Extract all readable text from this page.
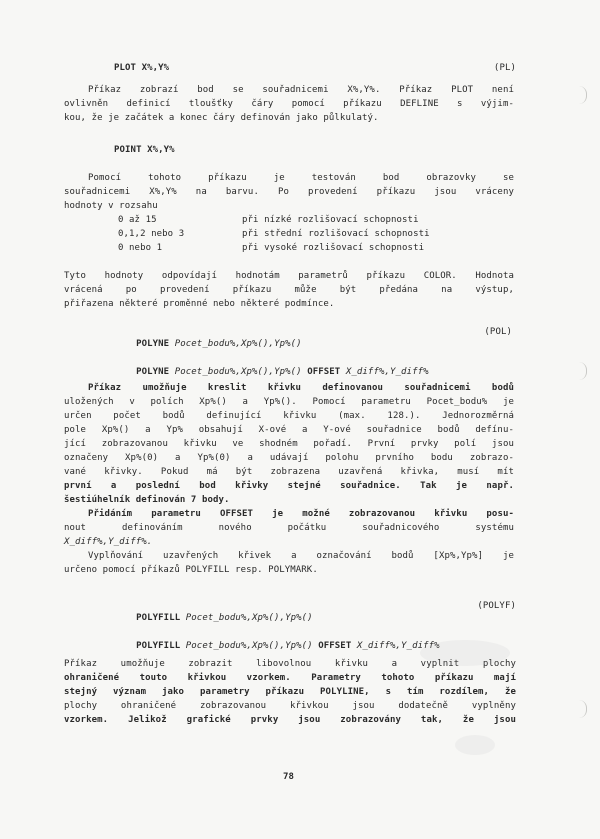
PLOT X%,Y%	(PL)
Příkaz zobrazí bod se souřadnicemi X%,Y%. Příkaz PLOT není
ovlivněn definicí tloušťky čáry pomocí příkazu DEFLINE s výjim-
kou, že je začátek a konec čáry definován jako půlkulatý.
POINT X%,Y%
Pomocí tohoto příkazu je testován bod obrazovky se
souřadnicemi X%,Y% na barvu. Po provedení příkazu jsou vráceny
hodnoty v rozsahu
0 až 15	při nízké rozlišovací schopnosti
0,1,2 nebo 3	při střední rozlišovací schopnosti
0 nebo 1	při vysoké rozlišovací schopnosti
Tyto hodnoty odpovídají hodnotám parametrů příkazu COLOR. Hodnota
vrácená po provedení příkazu může být předána na výstup,
přiřazena některé proměnné nebo některé podmínce.

POLYNE Pocet_bodu%,Xp%(),Yp%()

(POL)

POLYNE Pocet_bodu%,Xp%(),Yp%() OFFSET X_diff%,Y_diff%

Příkaz umožňuje kreslit křivku definovanou souřadnicemi bodů
uložených v polích Xp%() a Yp%(). Pomocí parametru Pocet_bodu% je
určen počet bodů definující křivku (max. 128.). Jednorozměrná
pole Xp%() a Yp% obsahují X-ové a Y-ové souřadnice bodů defínu-
jící zobrazovanou křivku ve shodném pořadí. První prvky polí jsou
označeny Xp%(0) a Yp%(0) a udávají polohu prvního bodu zobrazo-
vané křivky. Pokud má být zobrazena uzavřená křivka, musí mít
první a poslední bod křivky stejné souřadnice. Tak je např.
šestiúhelník definován 7 body.
Přidáním parametru OFFSET je možné zobrazovanou křivku posu-
nout definováním nového počátku souřadnicového systému
X_diff%,Y_diff%.
Vyplňování uzavřených křivek a označování bodů [Xp%,Yp%] je
určeno pomocí příkazů POLYFILL resp. POLYMARK.

POLYFILL Pocet_bodu%,Xp%(),Yp%()

(POLYF)

POLYFILL Pocet_bodu%,Xp%(),Yp%() OFFSET X_diff%,Y_diff%

Příkaz umožňuje zobrazit libovolnou křivku a vyplnit plochy
ohraničené touto křivkou vzorkem. Parametry tohoto příkazu mají
stejný význam jako parametry příkazu POLYLINE, s tím rozdílem, že
plochy ohraničené zobrazovanou křivkou jsou dodatečně vyplněny
vzorkem. Jelikož grafické prvky jsou zobrazovány tak, že jsou
78
